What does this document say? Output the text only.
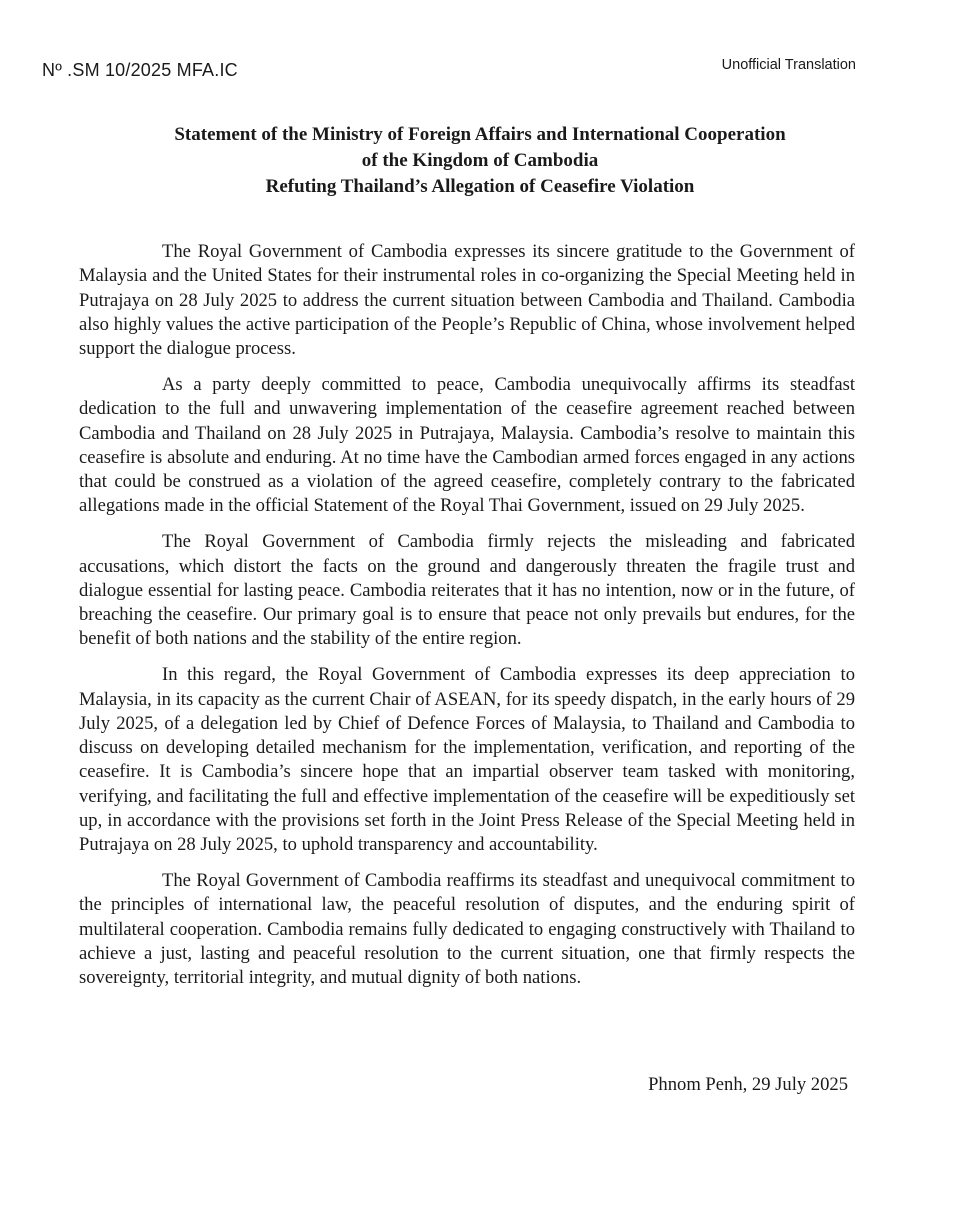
Nº .SM 10/2025 MFA.IC	Unofficial Translation
Statement of the Ministry of Foreign Affairs and International Cooperation
of the Kingdom of Cambodia
Refuting Thailand’s Allegation of Ceasefire Violation

The Royal Government of Cambodia expresses its sincere gratitude to the Government of Malaysia and the United States for their instrumental roles in co-organizing the Special Meeting held in Putrajaya on 28 July 2025 to address the current situation between Cambodia and Thailand. Cambodia also highly values the active participation of the People’s Republic of China, whose involvement helped support the dialogue process.

As a party deeply committed to peace, Cambodia unequivocally affirms its steadfast dedication to the full and unwavering implementation of the ceasefire agreement reached between Cambodia and Thailand on 28 July 2025 in Putrajaya, Malaysia. Cambodia’s resolve to maintain this ceasefire is absolute and enduring. At no time have the Cambodian armed forces engaged in any actions that could be construed as a violation of the agreed ceasefire, completely contrary to the fabricated allegations made in the official Statement of the Royal Thai Government, issued on 29 July 2025.

The Royal Government of Cambodia firmly rejects the misleading and fabricated accusations, which distort the facts on the ground and dangerously threaten the fragile trust and dialogue essential for lasting peace. Cambodia reiterates that it has no intention, now or in the future, of breaching the ceasefire. Our primary goal is to ensure that peace not only prevails but endures, for the benefit of both nations and the stability of the entire region.

In this regard, the Royal Government of Cambodia expresses its deep appreciation to Malaysia, in its capacity as the current Chair of ASEAN, for its speedy dispatch, in the early hours of 29 July 2025, of a delegation led by Chief of Defence Forces of Malaysia, to Thailand and Cambodia to discuss on developing detailed mechanism for the implementation, verification, and reporting of the ceasefire. It is Cambodia’s sincere hope that an impartial observer team tasked with monitoring, verifying, and facilitating the full and effective implementation of the ceasefire will be expeditiously set up, in accordance with the provisions set forth in the Joint Press Release of the Special Meeting held in Putrajaya on 28 July 2025, to uphold transparency and accountability.

The Royal Government of Cambodia reaffirms its steadfast and unequivocal commitment to the principles of international law, the peaceful resolution of disputes, and the enduring spirit of multilateral cooperation. Cambodia remains fully dedicated to engaging constructively with Thailand to achieve a just, lasting and peaceful resolution to the current situation, one that firmly respects the sovereignty, territorial integrity, and mutual dignity of both nations.

Phnom Penh, 29 July 2025
